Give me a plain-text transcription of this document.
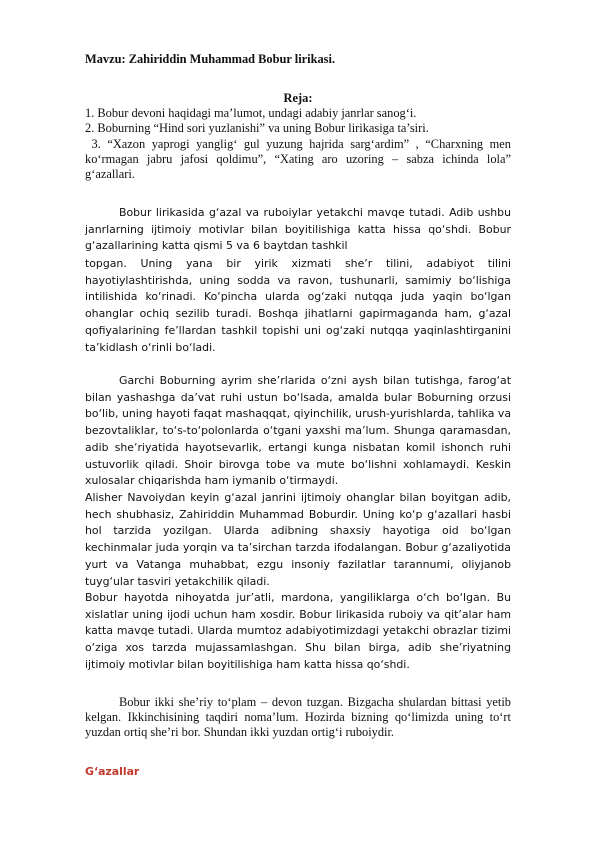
Mavzu: Zahiriddin Muhammad Bobur lirikasi.

Reja:

1. Bobur devoni haqidagi ma’lumot, undagi adabiy janrlar sanog‘i.

2. Boburning “Hind sori yuzlanishi” va uning Bobur lirikasiga ta’siri.

3. “Xazon yaprogi yanglig‘ gul yuzung hajrida sarg‘ardim” , “Charxning men ko‘rmagan jabru jafosi qoldimu”, “Xating aro uzoring – sabza ichinda lola” g‘azallari.

Bobur lirikasida g‘azal va ruboiylar yetakchi mavqe tutadi. Adib ushbu janrlarning ijtimoiy motivlar bilan boyitilishiga katta hissa qo‘shdi. Bobur g‘azallarining katta qismi 5 va 6 baytdan tashkil

topgan. Uning yana bir yirik xizmati she’r tilini, adabiyot tilini hayotiylashtirishda, uning sodda va ravon, tushunarli, samimiy bo‘lishiga intilishida ko‘rinadi. Ko‘pincha ularda og‘zaki nutqqa juda yaqin bo‘lgan ohanglar ochiq sezilib turadi. Boshqa jihatlarni gapirmaganda ham, g‘azal qofiyalarining fe’llardan tashkil topishi uni og‘zaki nutqqa yaqinlashtirganini ta’kidlash o‘rinli bo‘ladi.

Garchi Boburning ayrim she’rlarida o‘zni aysh bilan tutishga, farog‘at bilan yashashga da’vat ruhi ustun bo‘lsada, amalda bular Boburning orzusi bo‘lib, uning hayoti faqat mashaqqat, qiyinchilik, urush-yurishlarda, tahlika va bezovtaliklar, to‘s-to‘polonlarda o‘tgani yaxshi ma’lum. Shunga qaramasdan, adib she’riyatida hayotsevarlik, ertangi kunga nisbatan komil ishonch ruhi ustuvorlik qiladi. Shoir birovga tobe va mute bo‘lishni xohlamaydi. Keskin xulosalar chiqarishda ham iymanib o‘tirmaydi.

Alisher Navoiydan keyin g‘azal janrini ijtimoiy ohanglar bilan boyitgan adib, hech shubhasiz, Zahiriddin Muhammad Boburdir. Uning ko‘p g‘azallari hasbi hol tarzida yozilgan. Ularda adibning shaxsiy hayotiga oid bo‘lgan kechinmalar juda yorqin va ta’sirchan tarzda ifodalangan. Bobur g‘azaliyotida yurt va Vatanga muhabbat, ezgu insoniy fazilatlar tarannumi, oliyjanob tuyg‘ular tasviri yetakchilik qiladi.

Bobur hayotda nihoyatda jur’atli, mardona, yangiliklarga o‘ch bo‘lgan. Bu xislatlar uning ijodi uchun ham xosdir. Bobur lirikasida ruboiy va qit’alar ham katta mavqe tutadi. Ularda mumtoz adabiyotimizdagi yetakchi obrazlar tizimi o‘ziga xos tarzda mujassamlashgan. Shu bilan birga, adib she’riyatning ijtimoiy motivlar bilan boyitilishiga ham katta hissa qo‘shdi.

Bobur ikki she’riy to‘plam – devon tuzgan. Bizgacha shulardan bittasi yetib kelgan. Ikkinchisining taqdiri noma’lum. Hozirda bizning qo‘limizda uning to‘rt yuzdan ortiq she’ri bor. Shundan ikki yuzdan ortig‘i ruboiydir.

G‘azallar
